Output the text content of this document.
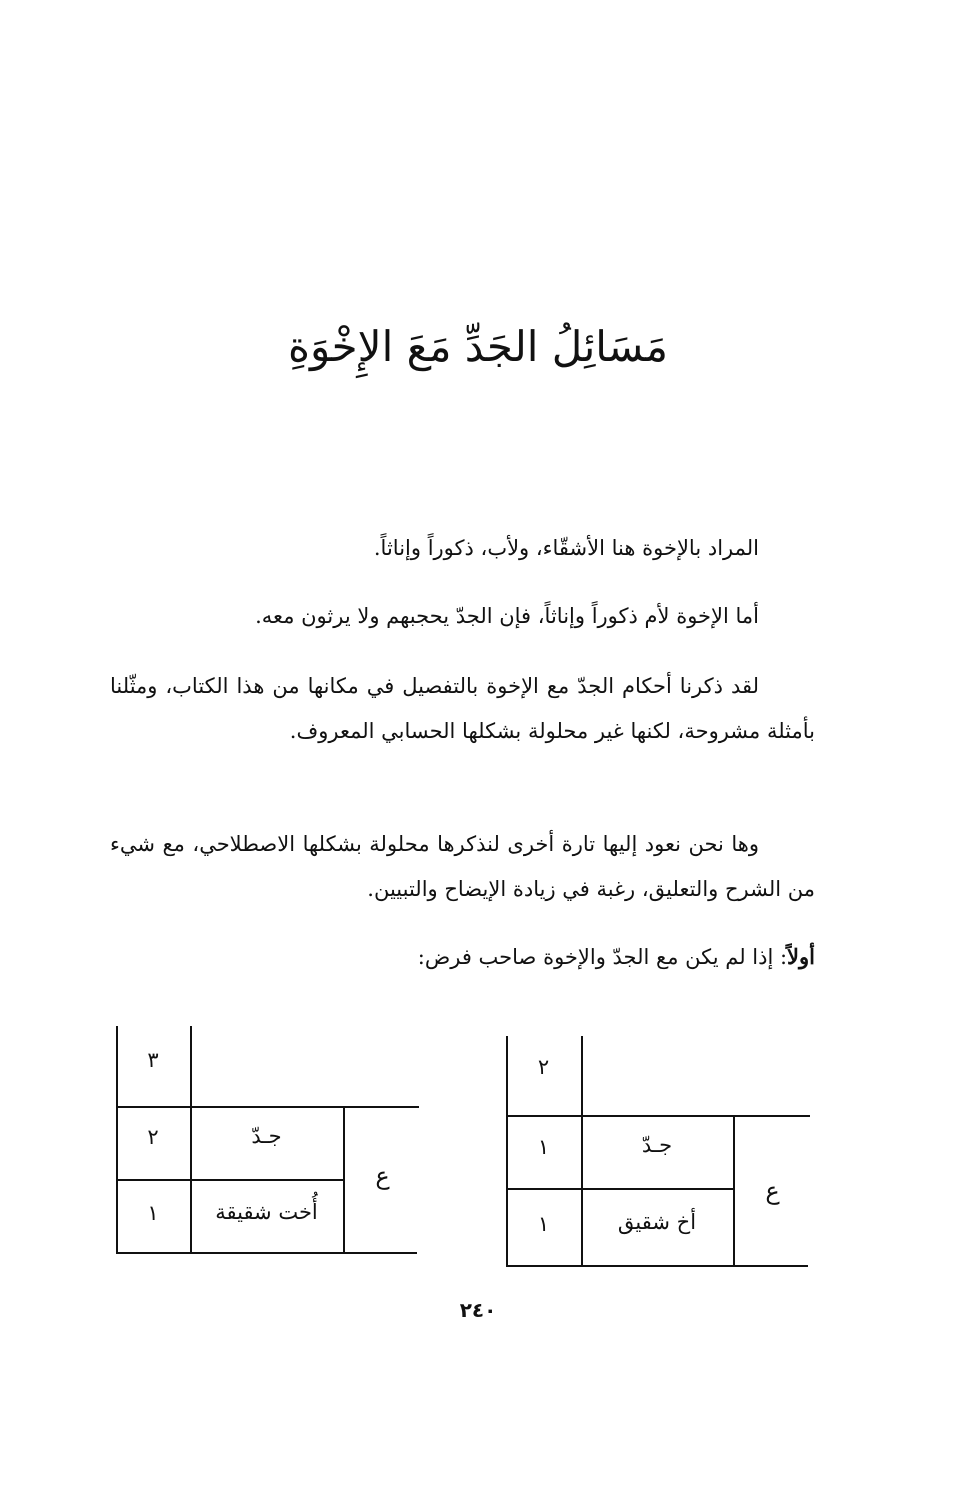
مَسَائِلُ الجَدِّ مَعَ الإِخْوَةِ
المراد بالإخوة هنا الأشقّاء، ولأب، ذكوراً وإناثاً.
أما الإخوة لأم ذكوراً وإناثاً، فإن الجدّ يحجبهم ولا يرثون معه.
لقد ذكرنا أحكام الجدّ مع الإخوة بالتفصيل في مكانها من هذا الكتاب، ومثّلنا بأمثلة مشروحة، لكنها غير محلولة بشكلها الحسابي المعروف.
وها نحن نعود إليها تارة أخرى لنذكرها محلولة بشكلها الاصطلاحي، مع شيء من الشرح والتعليق، رغبة في زيادة الإيضاح والتبيين.
أولاً: إذا لم يكن مع الجدّ والإخوة صاحب فرض:
٢
١	جـدّ
١	أخ شقيق
ع
٣
٢	جـدّ
١	أُخت شقيقة
ع
٢٤٠
